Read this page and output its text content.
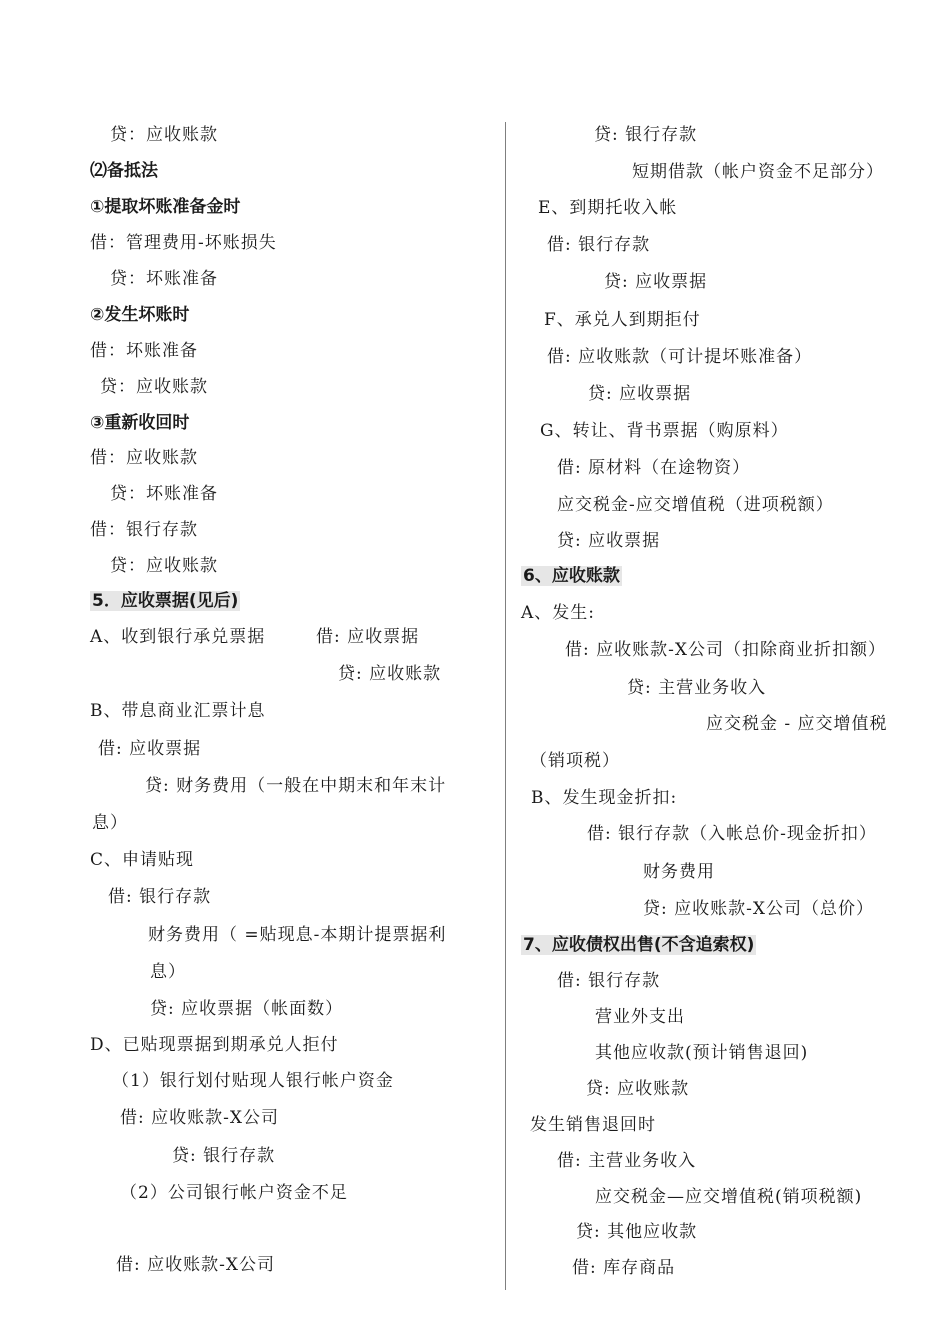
贷：应收账款
⑵备抵法
①提取坏账准备金时
借：管理费用-坏账损失
贷：坏账准备
②发生坏账时
借：坏账准备
贷：应收账款
③重新收回时
借：应收账款
贷：坏账准备
借：银行存款
贷：应收账款
5．应收票据(见后)
A、收到银行承兑票据	借: 应收票据
贷: 应收账款
B、带息商业汇票计息
借: 应收票据
贷: 财务费用（一般在中期末和年末计
息）
C、申请贴现
借: 银行存款
财务费用（ =贴现息-本期计提票据利
息）
贷: 应收票据（帐面数）
D、已贴现票据到期承兑人拒付
（1）银行划付贴现人银行帐户资金
借: 应收账款-X公司
贷: 银行存款
（2）公司银行帐户资金不足
借: 应收账款-X公司
贷: 银行存款
短期借款（帐户资金不足部分）
E、到期托收入帐
借: 银行存款
贷: 应收票据
F、承兑人到期拒付
借: 应收账款（可计提坏账准备）
贷: 应收票据
G、转让、背书票据（购原料）
借: 原材料（在途物资）
应交税金-应交增值税（进项税额）
贷: 应收票据
6、应收账款
A、发生:
借: 应收账款-X公司（扣除商业折扣额）
贷: 主营业务收入
应交税金 - 应交增值税
（销项税）
B、发生现金折扣:
借: 银行存款（入帐总价-现金折扣）
财务费用
贷: 应收账款-X公司（总价）
7、应收债权出售(不含追索权)
借: 银行存款
营业外支出
其他应收款(预计销售退回)
贷: 应收账款
发生销售退回时
借: 主营业务收入
应交税金—应交增值税(销项税额)
贷: 其他应收款
借: 库存商品
